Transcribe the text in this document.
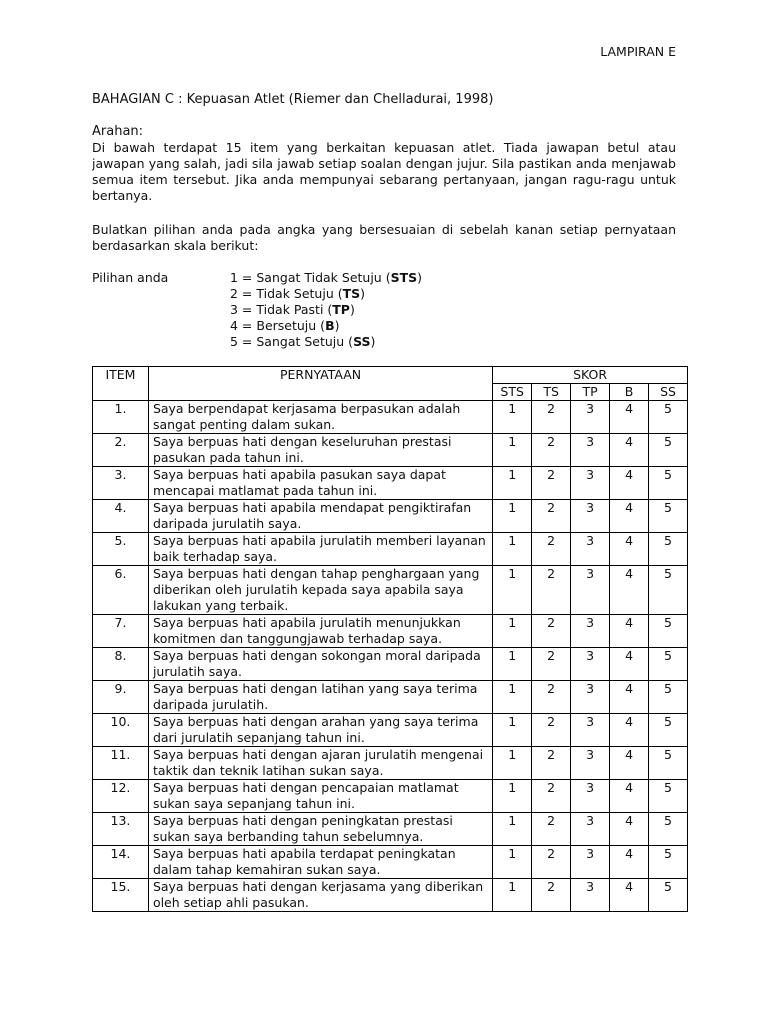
LAMPIRAN E
BAHAGIAN C : Kepuasan Atlet (Riemer dan Chelladurai, 1998)
Arahan:

Di bawah terdapat 15 item yang berkaitan kepuasan atlet. Tiada jawapan betul atau jawapan yang salah, jadi sila jawab setiap soalan dengan jujur. Sila pastikan anda menjawab semua item tersebut. Jika anda mempunyai sebarang pertanyaan, jangan ragu-ragu untuk bertanya.

Bulatkan pilihan anda pada angka yang bersesuaian di sebelah kanan setiap pernyataan berdasarkan skala berikut:

Pilihan anda	1 = Sangat Tidak Setuju (STS)
2 = Tidak Setuju (TS)
3 = Tidak Pasti (TP)
4 = Bersetuju (B)
5 = Sangat Setuju (SS)
ITEM	PERNYATAAN	SKOR				
		STS	TS	TP	B	SS
1.	Saya berpendapat kerjasama berpasukan adalah sangat penting dalam sukan.	1	2	3	4	5
2.	Saya berpuas hati dengan keseluruhan prestasi pasukan pada tahun ini.	1	2	3	4	5
3.	Saya berpuas hati apabila pasukan saya dapat mencapai matlamat pada tahun ini.	1	2	3	4	5
4.	Saya berpuas hati apabila mendapat pengiktirafan daripada jurulatih saya.	1	2	3	4	5
5.	Saya berpuas hati apabila jurulatih memberi layanan baik terhadap saya.	1	2	3	4	5
6.	Saya berpuas hati dengan tahap penghargaan yang diberikan oleh jurulatih kepada saya apabila saya lakukan yang terbaik.	1	2	3	4	5
7.	Saya berpuas hati apabila jurulatih menunjukkan komitmen dan tanggungjawab terhadap saya.	1	2	3	4	5
8.	Saya berpuas hati dengan sokongan moral daripada jurulatih saya.	1	2	3	4	5
9.	Saya berpuas hati dengan latihan yang saya terima daripada jurulatih.	1	2	3	4	5
10.	Saya berpuas hati dengan arahan yang saya terima dari jurulatih sepanjang tahun ini.	1	2	3	4	5
11.	Saya berpuas hati dengan ajaran jurulatih mengenai taktik dan teknik latihan sukan saya.	1	2	3	4	5
12.	Saya berpuas hati dengan pencapaian matlamat sukan saya sepanjang tahun ini.	1	2	3	4	5
13.	Saya berpuas hati dengan peningkatan prestasi sukan saya berbanding tahun sebelumnya.	1	2	3	4	5
14.	Saya berpuas hati apabila terdapat peningkatan dalam tahap kemahiran sukan saya.	1	2	3	4	5
15.	Saya berpuas hati dengan kerjasama yang diberikan oleh setiap ahli pasukan.	1	2	3	4	5
